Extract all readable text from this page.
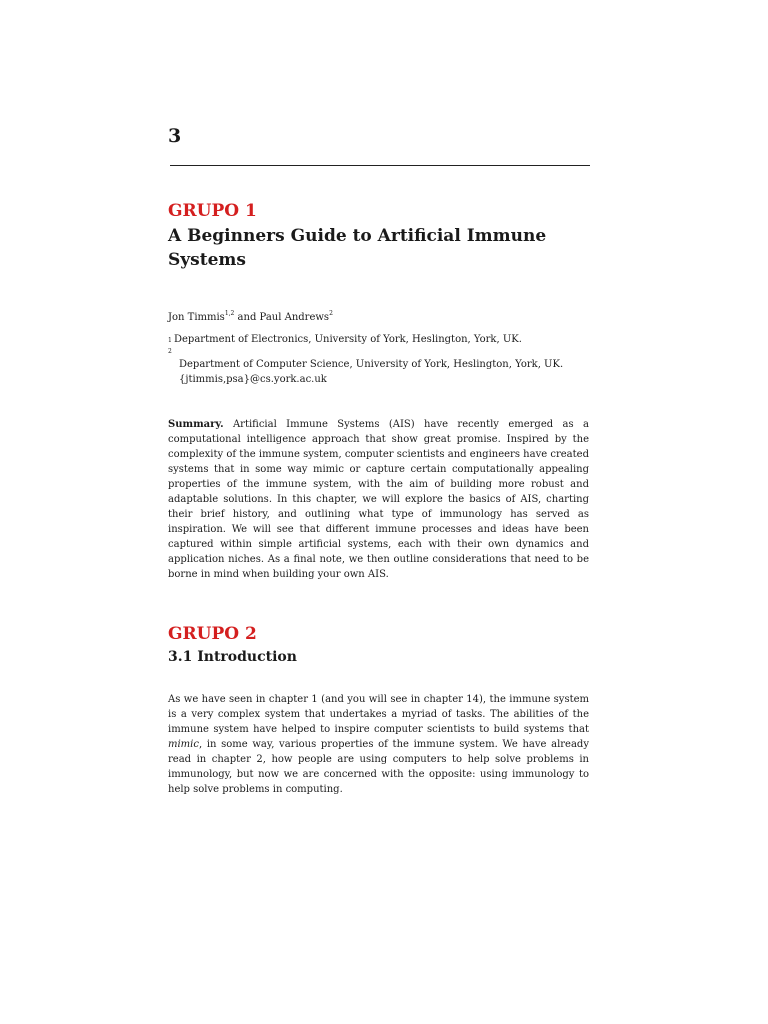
3
GRUPO 1
A Beginners Guide to Artificial Immune Systems
Jon Timmis$^{1,2}$ and Paul Andrews$^2$
1 Department of Electronics, University of York, Heslington, York, UK.
2
Department of Computer Science, University of York, Heslington, York, UK.
{jtimmis,psa}@cs.york.ac.uk

Summary. Artificial Immune Systems (AIS) have recently emerged as a computational intelligence approach that show great promise. Inspired by the complexity of the immune system, computer scientists and engineers have created systems that in some way mimic or capture certain computationally appealing properties of the immune system, with the aim of building more robust and adaptable solutions. In this chapter, we will explore the basics of AIS, charting their brief history, and outlining what type of immunology has served as inspiration. We will see that different immune processes and ideas have been captured within simple artificial systems, each with their own dynamics and application niches. As a final note, we then outline considerations that need to be borne in mind when building your own AIS.

GRUPO 2
3.1 Introduction

As we have seen in chapter 1 (and you will see in chapter 14), the immune system is a very complex system that undertakes a myriad of tasks. The abilities of the immune system have helped to inspire computer scientists to build systems that mimic, in some way, various properties of the immune system. We have already read in chapter 2, how people are using computers to help solve problems in immunology, but now we are concerned with the opposite: using immunology to help solve problems in computing.
